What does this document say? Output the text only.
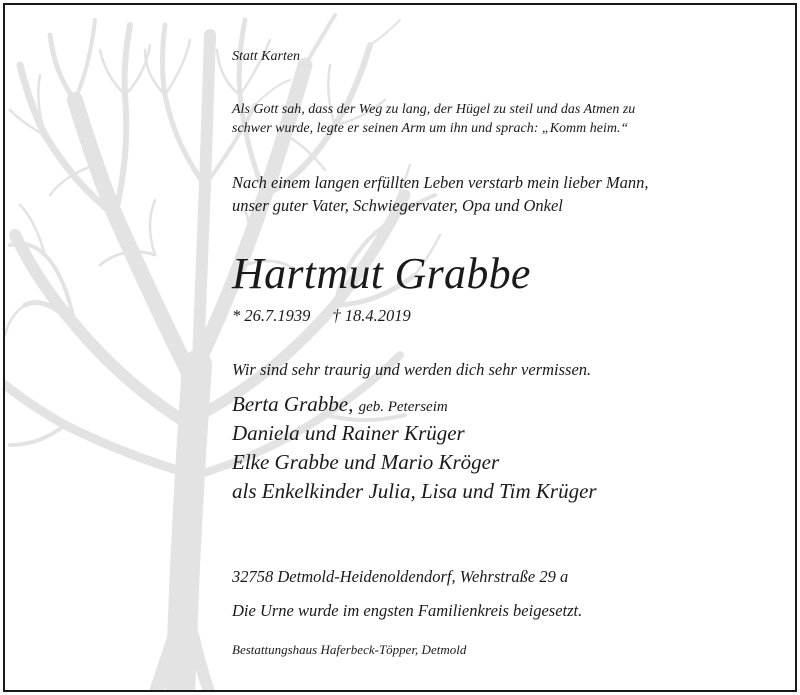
Statt Karten
Als Gott sah, dass der Weg zu lang, der Hügel zu steil und das Atmen zu
schwer wurde, legte er seinen Arm um ihn und sprach: „Komm heim.“
Nach einem langen erfüllten Leben verstarb mein lieber Mann,
unser guter Vater, Schwiegervater, Opa und Onkel
Hartmut Grabbe
* 26.7.1939 † 18.4.2019
Wir sind sehr traurig und werden dich sehr vermissen.
Berta Grabbe, geb. Peterseim
Daniela und Rainer Krüger
Elke Grabbe und Mario Kröger
als Enkelkinder Julia, Lisa und Tim Krüger
32758 Detmold-Heidenoldendorf, Wehrstraße 29 a
Die Urne wurde im engsten Familienkreis beigesetzt.
Bestattungshaus Haferbeck-Töpper, Detmold
